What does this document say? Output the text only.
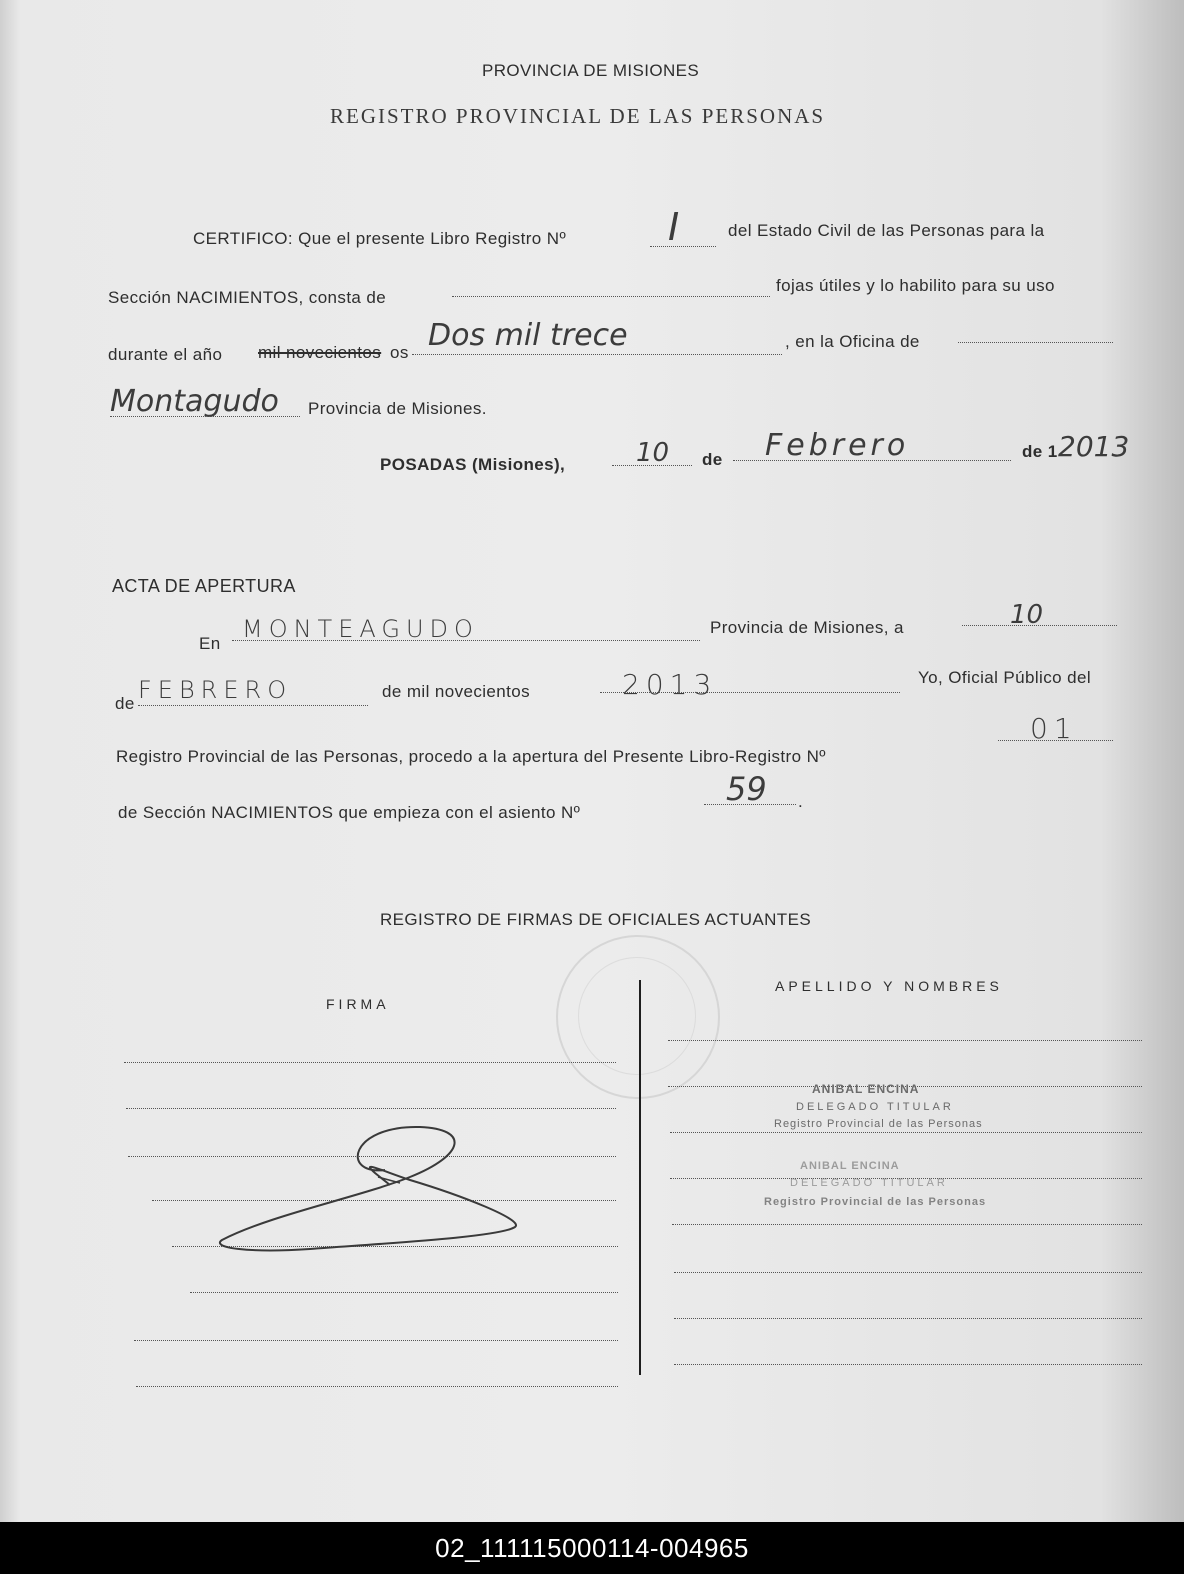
PROVINCIA DE MISIONES
REGISTRO PROVINCIAL DE LAS PERSONAS
CERTIFICO: Que el presente Libro Registro Nº	I	del Estado Civil de las Personas para la
Sección NACIMIENTOS, consta de
fojas útiles y lo habilito para su uso
durante el año mil novecientos os Dos mil trece	, en la Oficina de
Montagudo Provincia de Misiones.
POSADAS (Misiones),	10 de Febrero	de 1 2013
ACTA DE APERTURA
En
MONTEAGUDO	Provincia de Misiones, a	10
de FEBRERO	de mil novecientos	2013	Yo, Oficial Público del
Registro Provincial de las Personas, procedo a la apertura del Presente Libro-Registro Nº
01
de Sección NACIMIENTOS que empieza con el asiento Nº
59 .
REGISTRO DE FIRMAS DE OFICIALES ACTUANTES
FIRMA
APELLIDO Y NOMBRES
ANIBAL ENCINA
DELEGADO TITULAR
Registro Provincial de las Personas
ANIBAL ENCINA
DELEGADO TITULAR
Registro Provincial de las Personas
02_111115000114-004965
